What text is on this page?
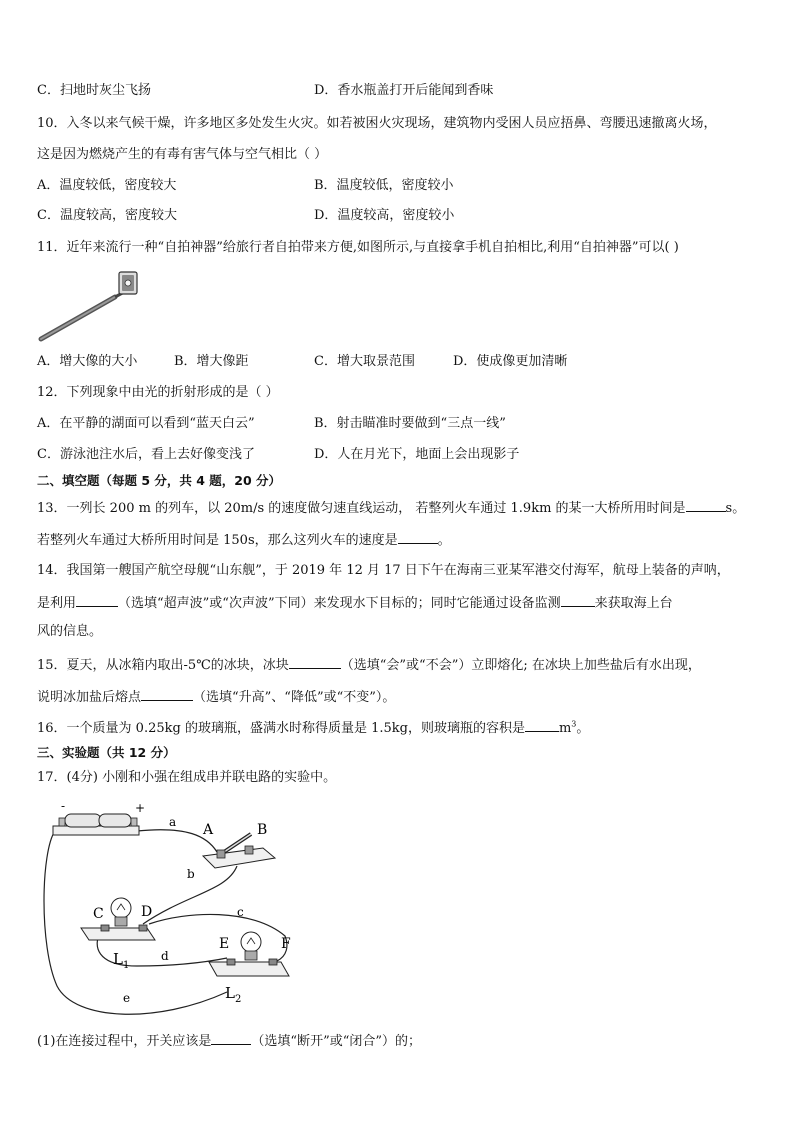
C．扫地时灰尘飞扬	D．香水瓶盖打开后能闻到香味
10．入冬以来气候干燥，许多地区多处发生火灾。如若被困火灾现场，建筑物内受困人员应捂鼻、弯腰迅速撤离火场，
这是因为燃烧产生的有毒有害气体与空气相比（ ）
A．温度较低，密度较大	B．温度较低，密度较小
C．温度较高，密度较大	D．温度较高，密度较小
11．近年来流行一种“自拍神器”给旅行者自拍带来方便,如图所示,与直接拿手机自拍相比,利用“自拍神器”可以( )
A．增大像的大小	B．增大像距	C．增大取景范围	D．使成像更加清晰
12．下列现象中由光的折射形成的是（ ）
A．在平静的湖面可以看到“蓝天白云”	B．射击瞄准时要做到“三点一线”
C．游泳池注水后，看上去好像变浅了	D．人在月光下，地面上会出现影子
二、填空题（每题 5 分，共 4 题，20 分）
13．一列长 200 m 的列车，以 20m/s 的速度做匀速直线运动， 若整列火车通过 1.9km 的某一大桥所用时间是	s。
若整列火车通过大桥所用时间是 150s，那么这列火车的速度是	。
14．我国第一艘国产航空母舰“山东舰”，于 2019 年 12 月 17 日下午在海南三亚某军港交付海军，航母上装备的声呐，
是利用	（选填“超声波”或“次声波”下同）来发现水下目标的；同时它能通过设备监测	来获取海上台
风的信息。
15．夏天，从冰箱内取出-5℃的冰块，冰块	（选填“会”或“不会”）立即熔化; 在冰块上加些盐后有水出现，
说明冰加盐后熔点	（选填“升高”、“降低”或“不变”）。
16．一个质量为 0.25kg 的玻璃瓶，盛满水时称得质量是 1.5kg，则玻璃瓶的容积是	$m^3$。
三、实验题（共 12 分）
17．(4分) 小刚和小强在组成串并联电路的实验中。
-	+
a A	B
b
C	D	c
$L_1$
d
E	F
$L_2$
e
(1)在连接过程中，开关应该是	（选填“断开”或“闭合”）的；
